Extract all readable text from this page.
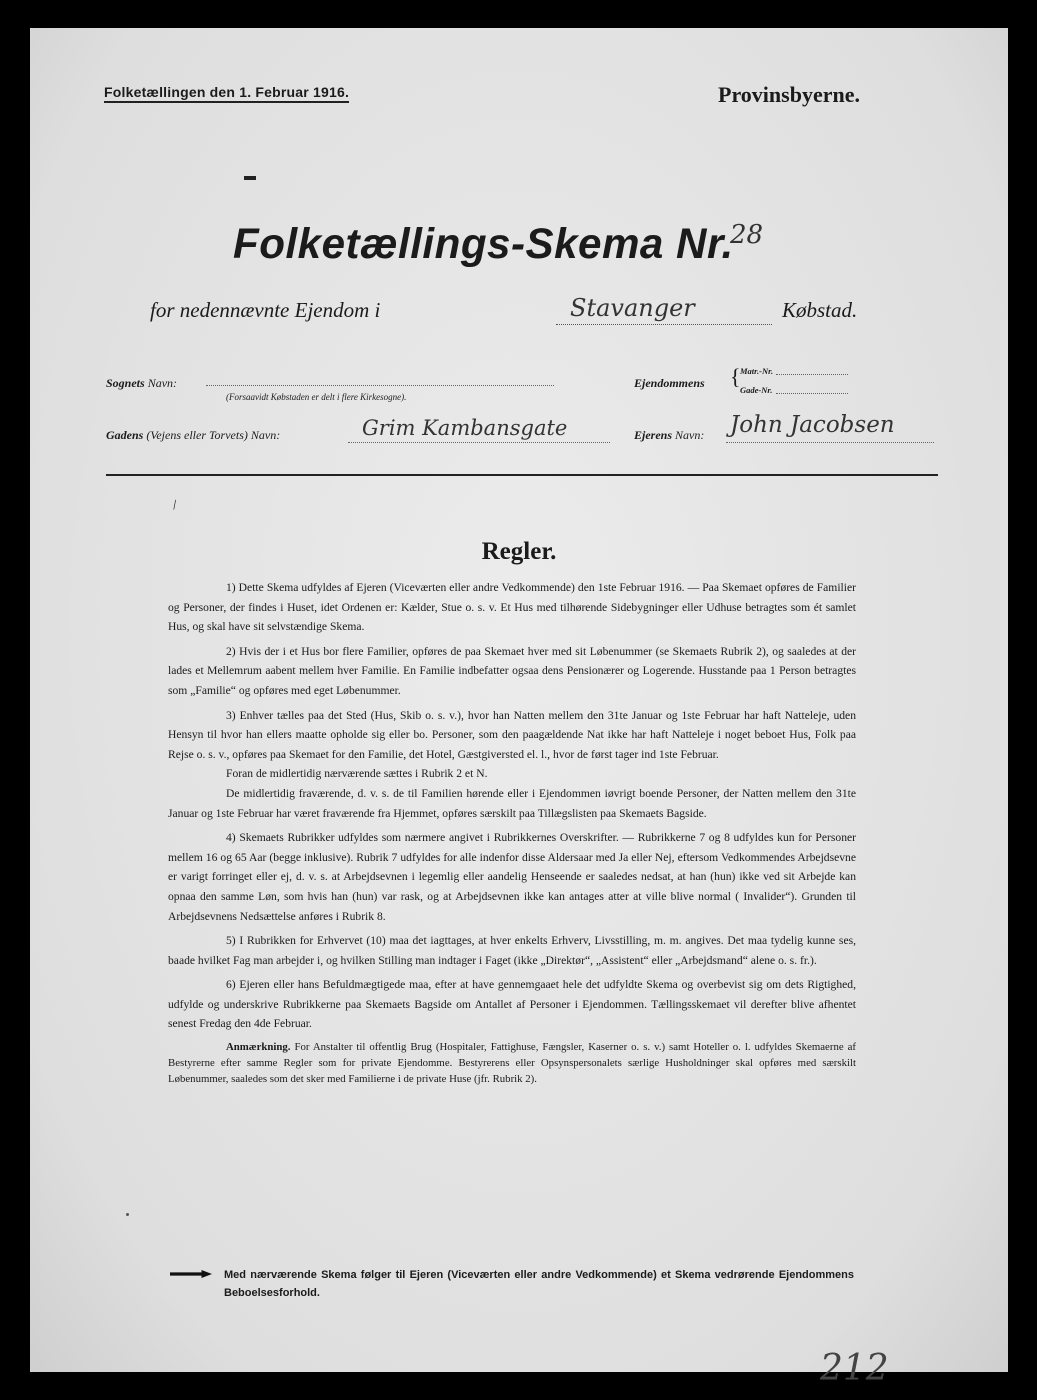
Folketællingen den 1. Februar 1916.	Provinsbyerne.
Folketællings-Skema Nr.
28
for nedennævnte Ejendom i	Stavanger	Købstad.
Sognets Navn:
(Forsaavidt Købstaden er delt i flere Kirkesogne).
Ejendommens { Matr.-Nr.
Gade-Nr.
Gadens (Vejens eller Torvets) Navn:	Grim Kambansgate	Ejerens Navn: John Jacobsen
\
Regler.

1) Dette Skema udfyldes af Ejeren (Viceværten eller andre Vedkommende) den 1ste Februar 1916. — Paa Skemaet opføres de Familier og Personer, der findes i Huset, idet Ordenen er: Kælder, Stue o. s. v. Et Hus med tilhørende Sidebygninger eller Udhuse betragtes som ét samlet Hus, og skal have sit selvstændige Skema.

2) Hvis der i et Hus bor flere Familier, opføres de paa Skemaet hver med sit Løbenummer (se Skemaets Rubrik 2), og saaledes at der lades et Mellemrum aabent mellem hver Familie. En Familie indbefatter ogsaa dens Pensionærer og Logerende. Husstande paa 1 Person betragtes som „Familie“ og opføres med eget Løbenummer.

3) Enhver tælles paa det Sted (Hus, Skib o. s. v.), hvor han Natten mellem den 31te Januar og 1ste Februar har haft Natteleje, uden Hensyn til hvor han ellers maatte opholde sig eller bo. Personer, som den paagældende Nat ikke har haft Natteleje i noget beboet Hus, Folk paa Rejse o. s. v., opføres paa Skemaet for den Familie, det Hotel, Gæstgiversted el. l., hvor de først tager ind 1ste Februar.

Foran de midlertidig nærværende sættes i Rubrik 2 et N.

De midlertidig fraværende, d. v. s. de til Familien hørende eller i Ejendommen iøvrigt boende Personer, der Natten mellem den 31te Januar og 1ste Februar har været fraværende fra Hjemmet, opføres særskilt paa Tillægslisten paa Skemaets Bagside.

4) Skemaets Rubrikker udfyldes som nærmere angivet i Rubrikkernes Overskrifter. — Rubrikkerne 7 og 8 udfyldes kun for Personer mellem 16 og 65 Aar (begge inklusive). Rubrik 7 udfyldes for alle indenfor disse Aldersaar med Ja eller Nej, eftersom Vedkommendes Arbejdsevne er varigt forringet eller ej, d. v. s. at Arbejdsevnen i legemlig eller aandelig Henseende er saaledes nedsat, at han (hun) ikke ved sit Arbejde kan opnaa den samme Løn, som hvis han (hun) var rask, og at Arbejdsevnen ikke kan antages atter at ville blive normal ( Invalider“). Grunden til Arbejdsevnens Nedsættelse anføres i Rubrik 8.

5) I Rubrikken for Erhvervet (10) maa det iagttages, at hver enkelts Erhverv, Livsstilling, m. m. angives. Det maa tydelig kunne ses, baade hvilket Fag man arbejder i, og hvilken Stilling man indtager i Faget (ikke „Direktør“, „Assistent“ eller „Arbejdsmand“ alene o. s. fr.).

6) Ejeren eller hans Befuldmægtigede maa, efter at have gennemgaaet hele det udfyldte Skema og overbevist sig om dets Rigtighed, udfylde og underskrive Rubrikkerne paa Skemaets Bagside om Antallet af Personer i Ejendommen. Tællingsskemaet vil derefter blive afhentet senest Fredag den 4de Februar.

Anmærkning. For Anstalter til offentlig Brug (Hospitaler, Fattighuse, Fængsler, Kaserner o. s. v.) samt Hoteller o. l. udfyldes Skemaerne af Bestyrerne efter samme Regler som for private Ejendomme. Bestyrerens eller Opsynspersonalets særlige Husholdninger skal opføres med særskilt Løbenummer, saaledes som det sker med Familierne i de private Huse (jfr. Rubrik 2).

Med nærværende Skema følger til Ejeren (Viceværten eller andre Vedkommende) et Skema vedrørende Ejendommens Beboelsesforhold.
212
